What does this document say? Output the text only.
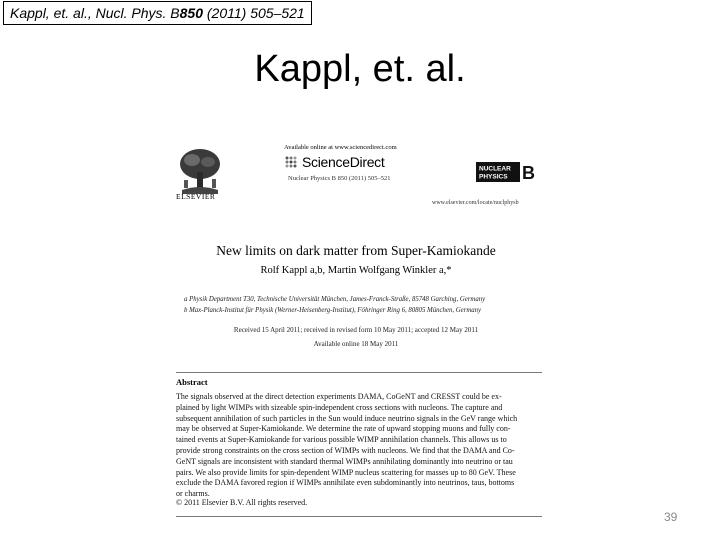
Kappl, et. al., Nucl. Phys. B850 (2011) 505–521
Kappl, et. al.
ELSEVIER
Available online at www.sciencedirect.com
ScienceDirect
Nuclear Physics B 850 (2011) 505–521
NUCLEAR
PHYSICS B
www.elsevier.com/locate/nuclphysb
New limits on dark matter from Super-Kamiokande
Rolf Kappl a,b, Martin Wolfgang Winkler a,*
a Physik Department T30, Technische Universität München, James-Franck-Straße, 85748 Garching, Germany
b Max-Planck-Institut für Physik (Werner-Heisenberg-Institut), Föhringer Ring 6, 80805 München, Germany
Received 15 April 2011; received in revised form 10 May 2011; accepted 12 May 2011
Available online 18 May 2011
Abstract
The signals observed at the direct detection experiments DAMA, CoGeNT and CRESST could be ex-
plained by light WIMPs with sizeable spin-independent cross sections with nucleons. The capture and
subsequent annihilation of such particles in the Sun would induce neutrino signals in the GeV range which
may be observed at Super-Kamiokande. We determine the rate of upward stopping muons and fully con-
tained events at Super-Kamiokande for various possible WIMP annihilation channels. This allows us to
provide strong constraints on the cross section of WIMPs with nucleons. We find that the DAMA and Co-
GeNT signals are inconsistent with standard thermal WIMPs annihilating dominantly into neutrino or tau
pairs. We also provide limits for spin-dependent WIMP nucleus scattering for masses up to 80 GeV. These
exclude the DAMA favored region if WIMPs annihilate even subdominantly into neutrinos, taus, bottoms
or charms.
© 2011 Elsevier B.V. All rights reserved.
39
